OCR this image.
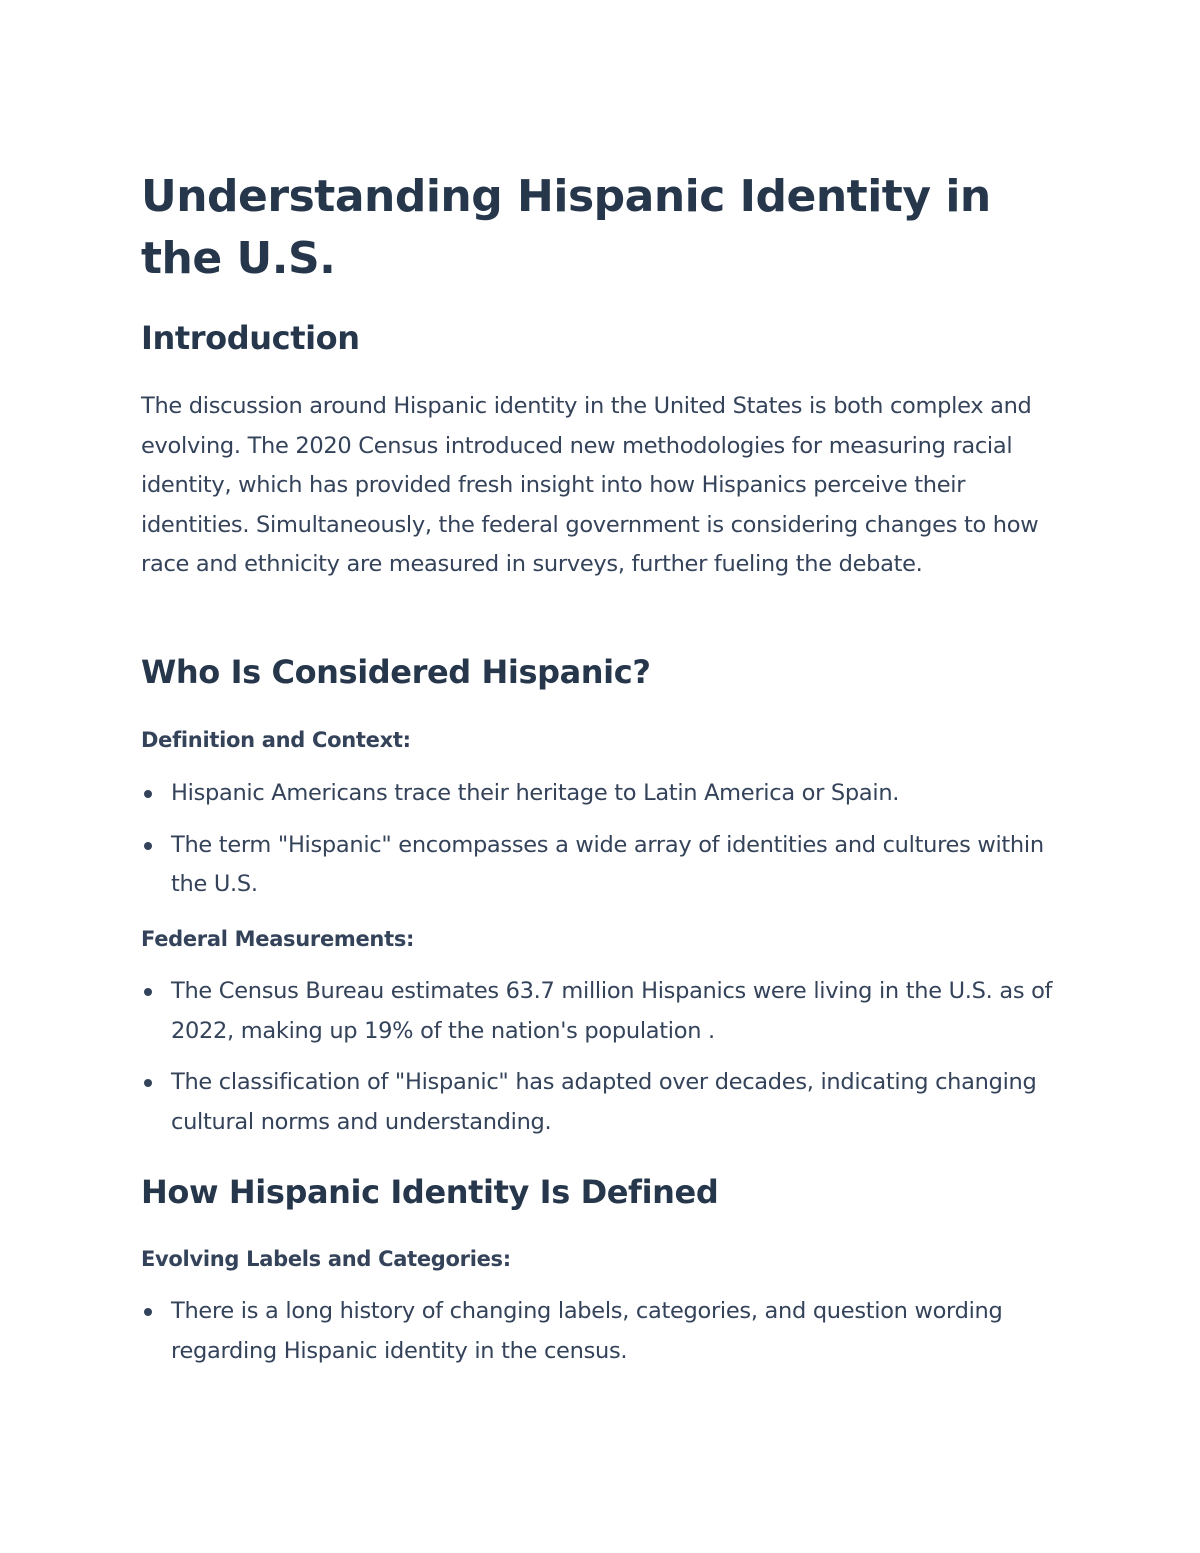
Understanding Hispanic Identity in the U.S.
Introduction

The discussion around Hispanic identity in the United States is both complex and evolving. The 2020 Census introduced new methodologies for measuring racial identity, which has provided fresh insight into how Hispanics perceive their identities. Simultaneously, the federal government is considering changes to how race and ethnicity are measured in surveys, further fueling the debate.

Who Is Considered Hispanic?
Definition and Context:
Hispanic Americans trace their heritage to Latin America or Spain.
The term "Hispanic" encompasses a wide array of identities and cultures within the U.S.
Federal Measurements:
The Census Bureau estimates 63.7 million Hispanics were living in the U.S. as of 2022, making up 19% of the nation's population .
The classification of "Hispanic" has adapted over decades, indicating changing cultural norms and understanding.
How Hispanic Identity Is Defined
Evolving Labels and Categories:
There is a long history of changing labels, categories, and question wording regarding Hispanic identity in the census.
